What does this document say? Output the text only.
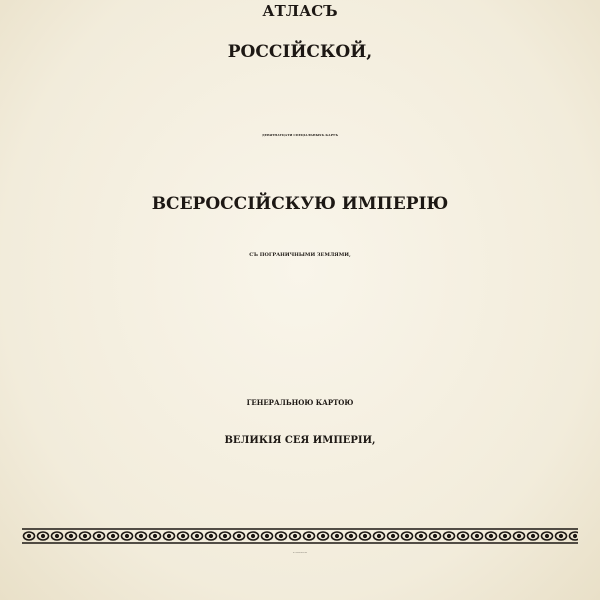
АТЛАСЪ
РОССІЙСКОЙ,
ДЕВЯТНАТЦАТИ СПЕЦІАЛЬНЫХЪ КАРТЪ
ВСЕРОССІЙСКУЮ ИМПЕРІЮ
СЪ ПОГРАНИЧНЫМИ ЗЕМЛЯМИ,
ГЕНЕРАЛЬНОЮ КАРТОЮ
ВЕЛИКІЯ СЕЯ ИМПЕРІИ,
ВЪ САНКТПЕТЕРБУРГѢ
